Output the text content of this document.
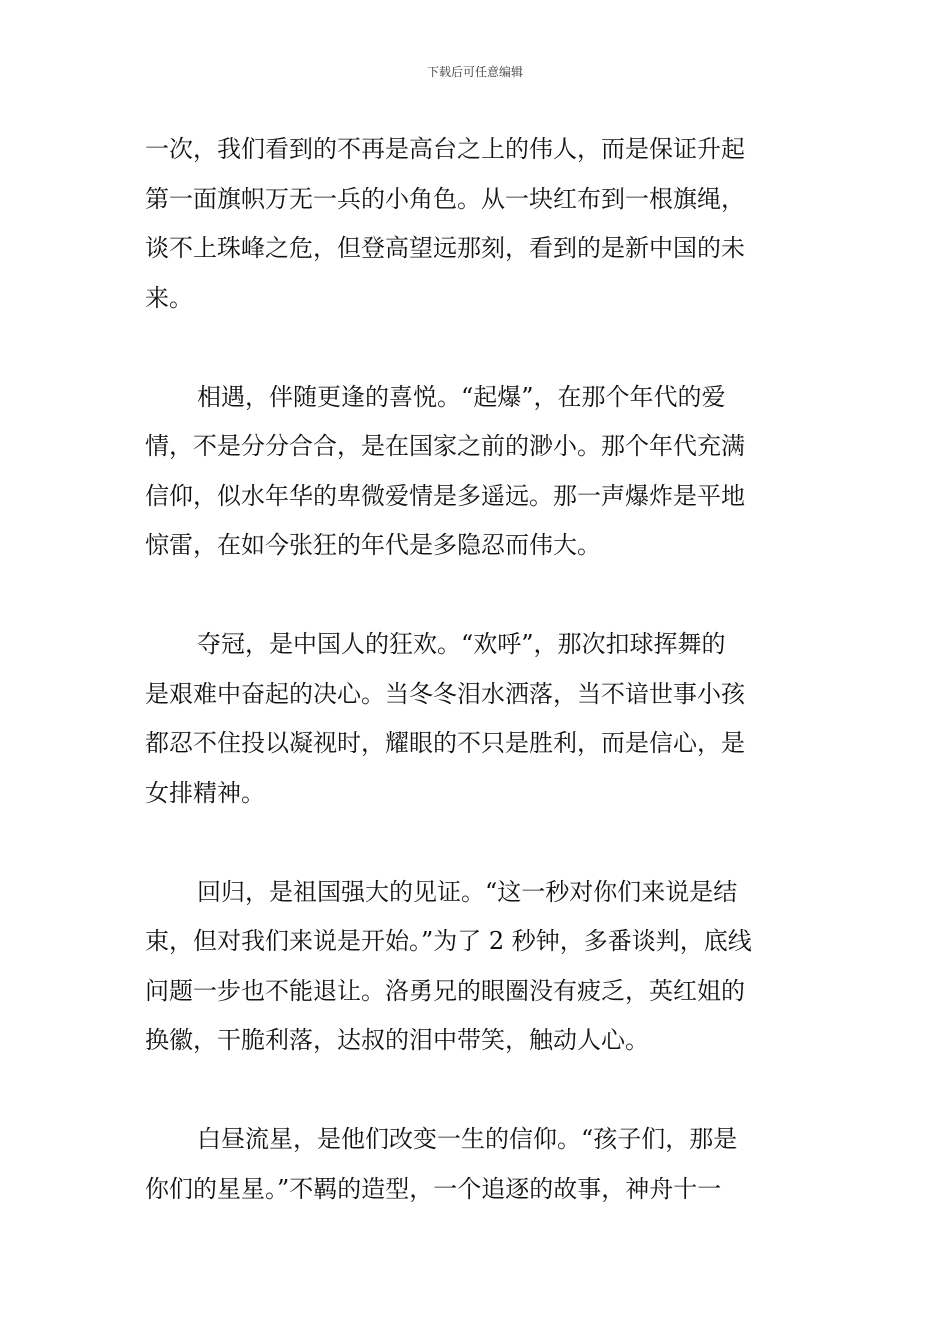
下载后可任意编辑
一次，我们看到的不再是高台之上的伟人，而是保证升起
第一面旗帜万无一兵的小角色。从一块红布到一根旗绳，
谈不上珠峰之危，但登高望远那刻，看到的是新中国的未
来。
相遇，伴随更逢的喜悦。“起爆”，在那个年代的爱
情，不是分分合合，是在国家之前的渺小。那个年代充满
信仰，似水年华的卑微爱情是多遥远。那一声爆炸是平地
惊雷，在如今张狂的年代是多隐忍而伟大。
夺冠，是中国人的狂欢。“欢呼”，那次扣球挥舞的
是艰难中奋起的决心。当冬冬泪水洒落，当不谙世事小孩
都忍不住投以凝视时，耀眼的不只是胜利，而是信心，是
女排精神。
回归，是祖国强大的见证。“这一秒对你们来说是结
束，但对我们来说是开始。”为了 2 秒钟，多番谈判，底线
问题一步也不能退让。洛勇兄的眼圈没有疲乏，英红姐的
换徽，干脆利落，达叔的泪中带笑，触动人心。
白昼流星，是他们改变一生的信仰。“孩子们，那是
你们的星星。”不羁的造型，一个追逐的故事，神舟十一
